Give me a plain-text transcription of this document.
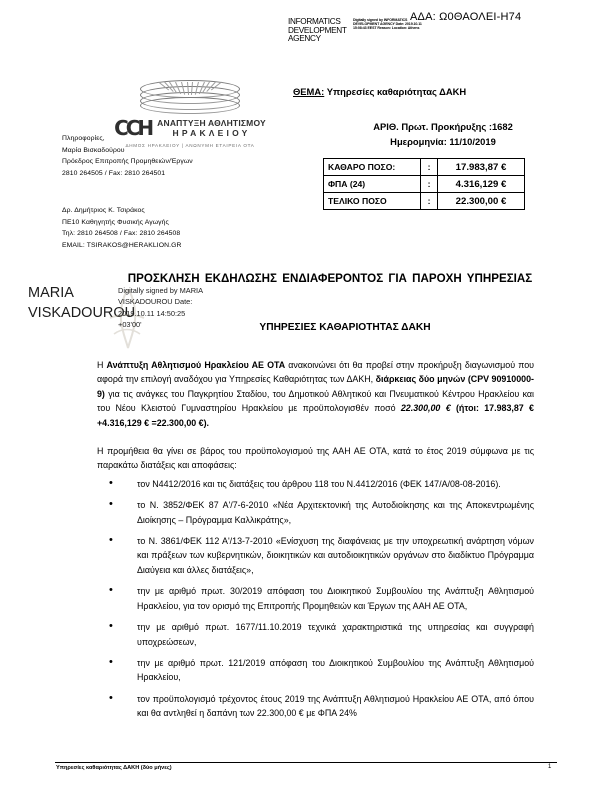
ΑΔΑ: Ω0ΘΑΟΛΕΙ-Η74
INFORMATICS DEVELOPMENT AGENCY
Digitally signed by INFORMATICS DEVELOPMENT AGENCY Date: 2019.10.11 15:08:43 EEST Reason: Location: Athens
CCH ΑΝΑΠΤΥΞΗ ΑΘΛΗΤΙΣΜΟΥ
ΗΡΑΚΛΕΙΟΥ
ΔΗΜΟΣ ΗΡΑΚΛΕΙΟΥ | ΑΝΩΝΥΜΗ ΕΤΑΙΡΕΙΑ ΟΤΑ
Πληροφορίες,
Μαρία Βισκαδούρου
Πρόεδρος Επιτροπής Προμηθειών/Έργων
2810 264505 / Fax: 2810 264501
Δρ. Δημήτριος Κ. Τσιράκος
ΠΕ10 Καθηγητής Φυσικής Αγωγής
Τηλ: 2810 264508 / Fax: 2810 264508
EMAIL: TSIRAKOS@HERAKLION.GR
ΘΕΜΑ: Υπηρεσίες καθαριότητας ΔΑΚΗ
ΑΡΙΘ. Πρωτ. Προκήρυξης :1682
Ημερομηνία: 11/10/2019
ΚΑΘΑΡΟ ΠΟΣΟ:	:	17.983,87 €
ΦΠΑ (24)	:	4.316,129 €
ΤΕΛΙΚΟ ΠΟΣΟ	:	22.300,00 €
MARIA VISKADOUROU
Digitally signed by MARIA VISKADOUROU Date: 2019.10.11 14:50:25 +03'00'
ΠΡΟΣΚΛΗΣΗ ΕΚΔΗΛΩΣΗΣ ΕΝΔΙΑΦΕΡΟΝΤΟΣ ΓΙΑ ΠΑΡΟΧΗ ΥΠΗΡΕΣΙΑΣ
ΥΠΗΡΕΣΙΕΣ ΚΑΘΑΡΙΟΤΗΤΑΣ ΔΑΚΗ

Η Ανάπτυξη Αθλητισμού Ηρακλείου ΑΕ ΟΤΑ ανακοινώνει ότι θα προβεί στην προκήρυξη διαγωνισμού που αφορά την επιλογή αναδόχου για Υπηρεσίες Καθαριότητας των ΔΑΚΗ, διάρκειας δύο μηνών (CPV 90910000-9) για τις ανάγκες του Παγκρητίου Σταδίου, του Δημοτικού Αθλητικού και Πνευματικού Κέντρου Ηρακλείου και του Νέου Κλειστού Γυμναστηρίου Ηρακλείου με προϋπολογισθέν ποσό 22.300,00 € (ήτοι: 17.983,87 € +4.316,129 € =22.300,00 €).

Η προμήθεια θα γίνει σε βάρος του προϋπολογισμού της ΑΑΗ ΑΕ ΟΤΑ, κατά το έτος 2019 σύμφωνα με τις παρακάτω διατάξεις και αποφάσεις:

• τον Ν4412/2016 και τις διατάξεις του άρθρου 118 του Ν.4412/2016 (ΦΕΚ 147/Α/08-08-2016).
• το Ν. 3852/ΦΕΚ 87 Α'/7-6-2010 «Νέα Αρχιτεκτονική της Αυτοδιοίκησης και της Αποκεντρωμένης Διοίκησης – Πρόγραμμα Καλλικράτης»,
• το Ν. 3861/ΦΕΚ 112 Α'/13-7-2010 «Ενίσχυση της διαφάνειας με την υποχρεωτική ανάρτηση νόμων και πράξεων των κυβερνητικών, διοικητικών και αυτοδιοικητικών οργάνων στο διαδίκτυο Πρόγραμμα Διαύγεια και άλλες διατάξεις»,
• την με αριθμό πρωτ. 30/2019 απόφαση του Διοικητικού Συμβουλίου της Ανάπτυξη Αθλητισμού Ηρακλείου, για τον ορισμό της Επιτροπής Προμηθειών και Έργων της ΑΑΗ ΑΕ ΟΤΑ,
• την με αριθμό πρωτ. 1677/11.10.2019 τεχνικά χαρακτηριστικά της υπηρεσίας και συγγραφή υποχρεώσεων,
• την με αριθμό πρωτ. 121/2019 απόφαση του Διοικητικού Συμβουλίου της Ανάπτυξη Αθλητισμού Ηρακλείου,
• τον προϋπολογισμό τρέχοντος έτους 2019 της Ανάπτυξη Αθλητισμού Ηρακλείου ΑΕ ΟΤΑ, από όπου και θα αντληθεί η δαπάνη των 22.300,00 € με ΦΠΑ 24%
Υπηρεσίες καθαριότητας ΔΑΚΗ (δύο μήνες)	1
